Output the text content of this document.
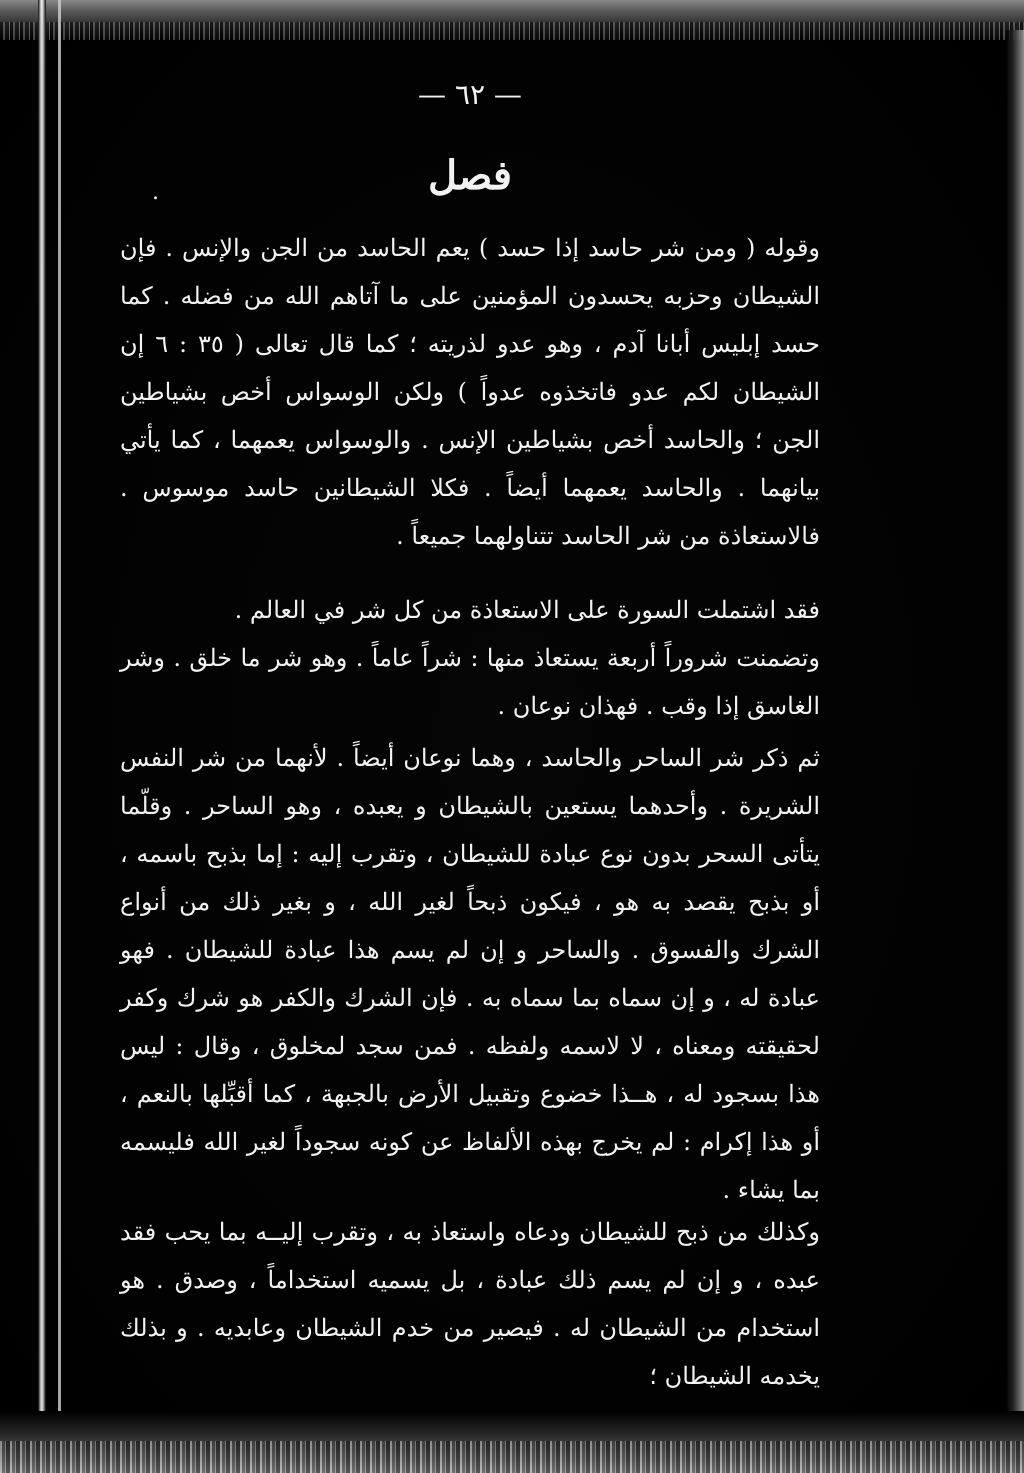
— ٦٢ —
فصل
.
وقوله ( ومن شر حاسد إذا حسد ) يعم الحاسد من الجن والإنس . فإن الشيطان وحزبه يحسدون المؤمنين على ما آتاهم الله من فضله . كما حسد إبليس أبانا آدم ، وهو عدو لذريته ؛ كما قال تعالى ( ٣٥ : ٦ إن الشيطان لكم عدو فاتخذوه عدواً ) ولكن الوسواس أخص بشياطين الجن ؛ والحاسد أخص بشياطين الإنس . والوسواس يعمهما ، كما يأتي بيانهما . والحاسد يعمهما أيضاً . فكلا الشيطانين حاسد موسوس . فالاستعاذة من شر الحاسد تتناولهما جميعاً .
فقد اشتملت السورة على الاستعاذة من كل شر في العالم .
وتضمنت شروراً أربعة يستعاذ منها : شراً عاماً . وهو شر ما خلق . وشر الغاسق إذا وقب . فهذان نوعان .
ثم ذكر شر الساحر والحاسد ، وهما نوعان أيضاً . لأنهما من شر النفس الشريرة . وأحدهما يستعين بالشيطان و يعبده ، وهو الساحر . وقلّما يتأتى السحر بدون نوع عبادة للشيطان ، وتقرب إليه : إما بذبح باسمه ، أو بذبح يقصد به هو ، فيكون ذبحاً لغير الله ، و بغير ذلك من أنواع الشرك والفسوق . والساحر و إن لم يسم هذا عبادة للشيطان . فهو عبادة له ، و إن سماه بما سماه به . فإن الشرك والكفر هو شرك وكفر لحقيقته ومعناه ، لا لاسمه ولفظه . فمن سجد لمخلوق ، وقال : ليس هذا بسجود له ، هــذا خضوع وتقبيل الأرض بالجبهة ، كما أقبِّلها بالنعم ، أو هذا إكرام : لم يخرج بهذه الألفاظ عن كونه سجوداً لغير الله فليسمه بما يشاء .
وكذلك من ذبح للشيطان ودعاه واستعاذ به ، وتقرب إليــه بما يحب فقد عبده ، و إن لم يسم ذلك عبادة ، بل يسميه استخداماً ، وصدق . هو استخدام من الشيطان له . فيصير من خدم الشيطان وعابديه . و بذلك يخدمه الشيطان ؛
